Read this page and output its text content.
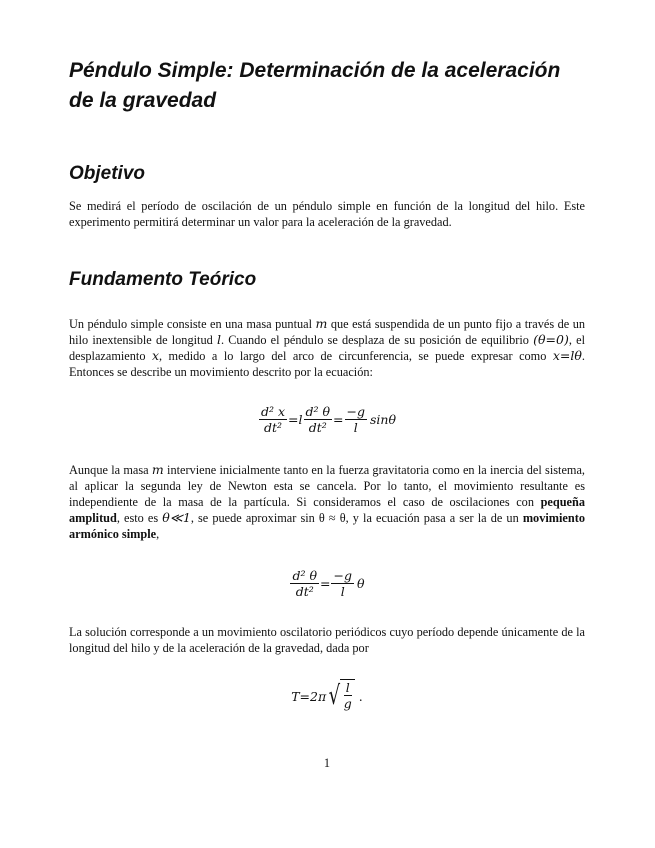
Péndulo Simple: Determinación de la aceleración de la gravedad
Objetivo

Se medirá el período de oscilación de un péndulo simple en función de la longitud del hilo. Este experimento permitirá determinar un valor para la aceleración de la gravedad.

Fundamento Teórico

Un péndulo simple consiste en una masa puntual m que está suspendida de un punto fijo a través de un hilo inextensible de longitud l. Cuando el péndulo se desplaza de su posición de equilibrio (θ=0), el desplazamiento x, medido a lo largo del arco de circunferencia, se puede expresar como x=lθ. Entonces se describe un movimiento descrito por la ecuación:

$\frac{\text{d² x}}{\text{dt²}} =l \frac{\text{d² θ}}{\text{dt²}} = \frac{-g}{l}$ sinθ

Aunque la masa m interviene inicialmente tanto en la fuerza gravitatoria como en la inercia del sistema, al aplicar la segunda ley de Newton esta se cancela. Por lo tanto, el movimiento resultante es independiente de la masa de la partícula. Si consideramos el caso de oscilaciones con pequeña amplitud, esto es θ≪1, se puede aproximar sin θ ≈ θ, y la ecuación pasa a ser la de un movimiento armónico simple,

$\frac{\text{d² θ}}{\text{dt²}} = \frac{-g}{l}$ θ

La solución corresponde a un movimiento oscilatorio periódicos cuyo período depende únicamente de la longitud del hilo y de la aceleración de la gravedad, dada por

T=2π √ $\frac{l}{g}$ .
1
